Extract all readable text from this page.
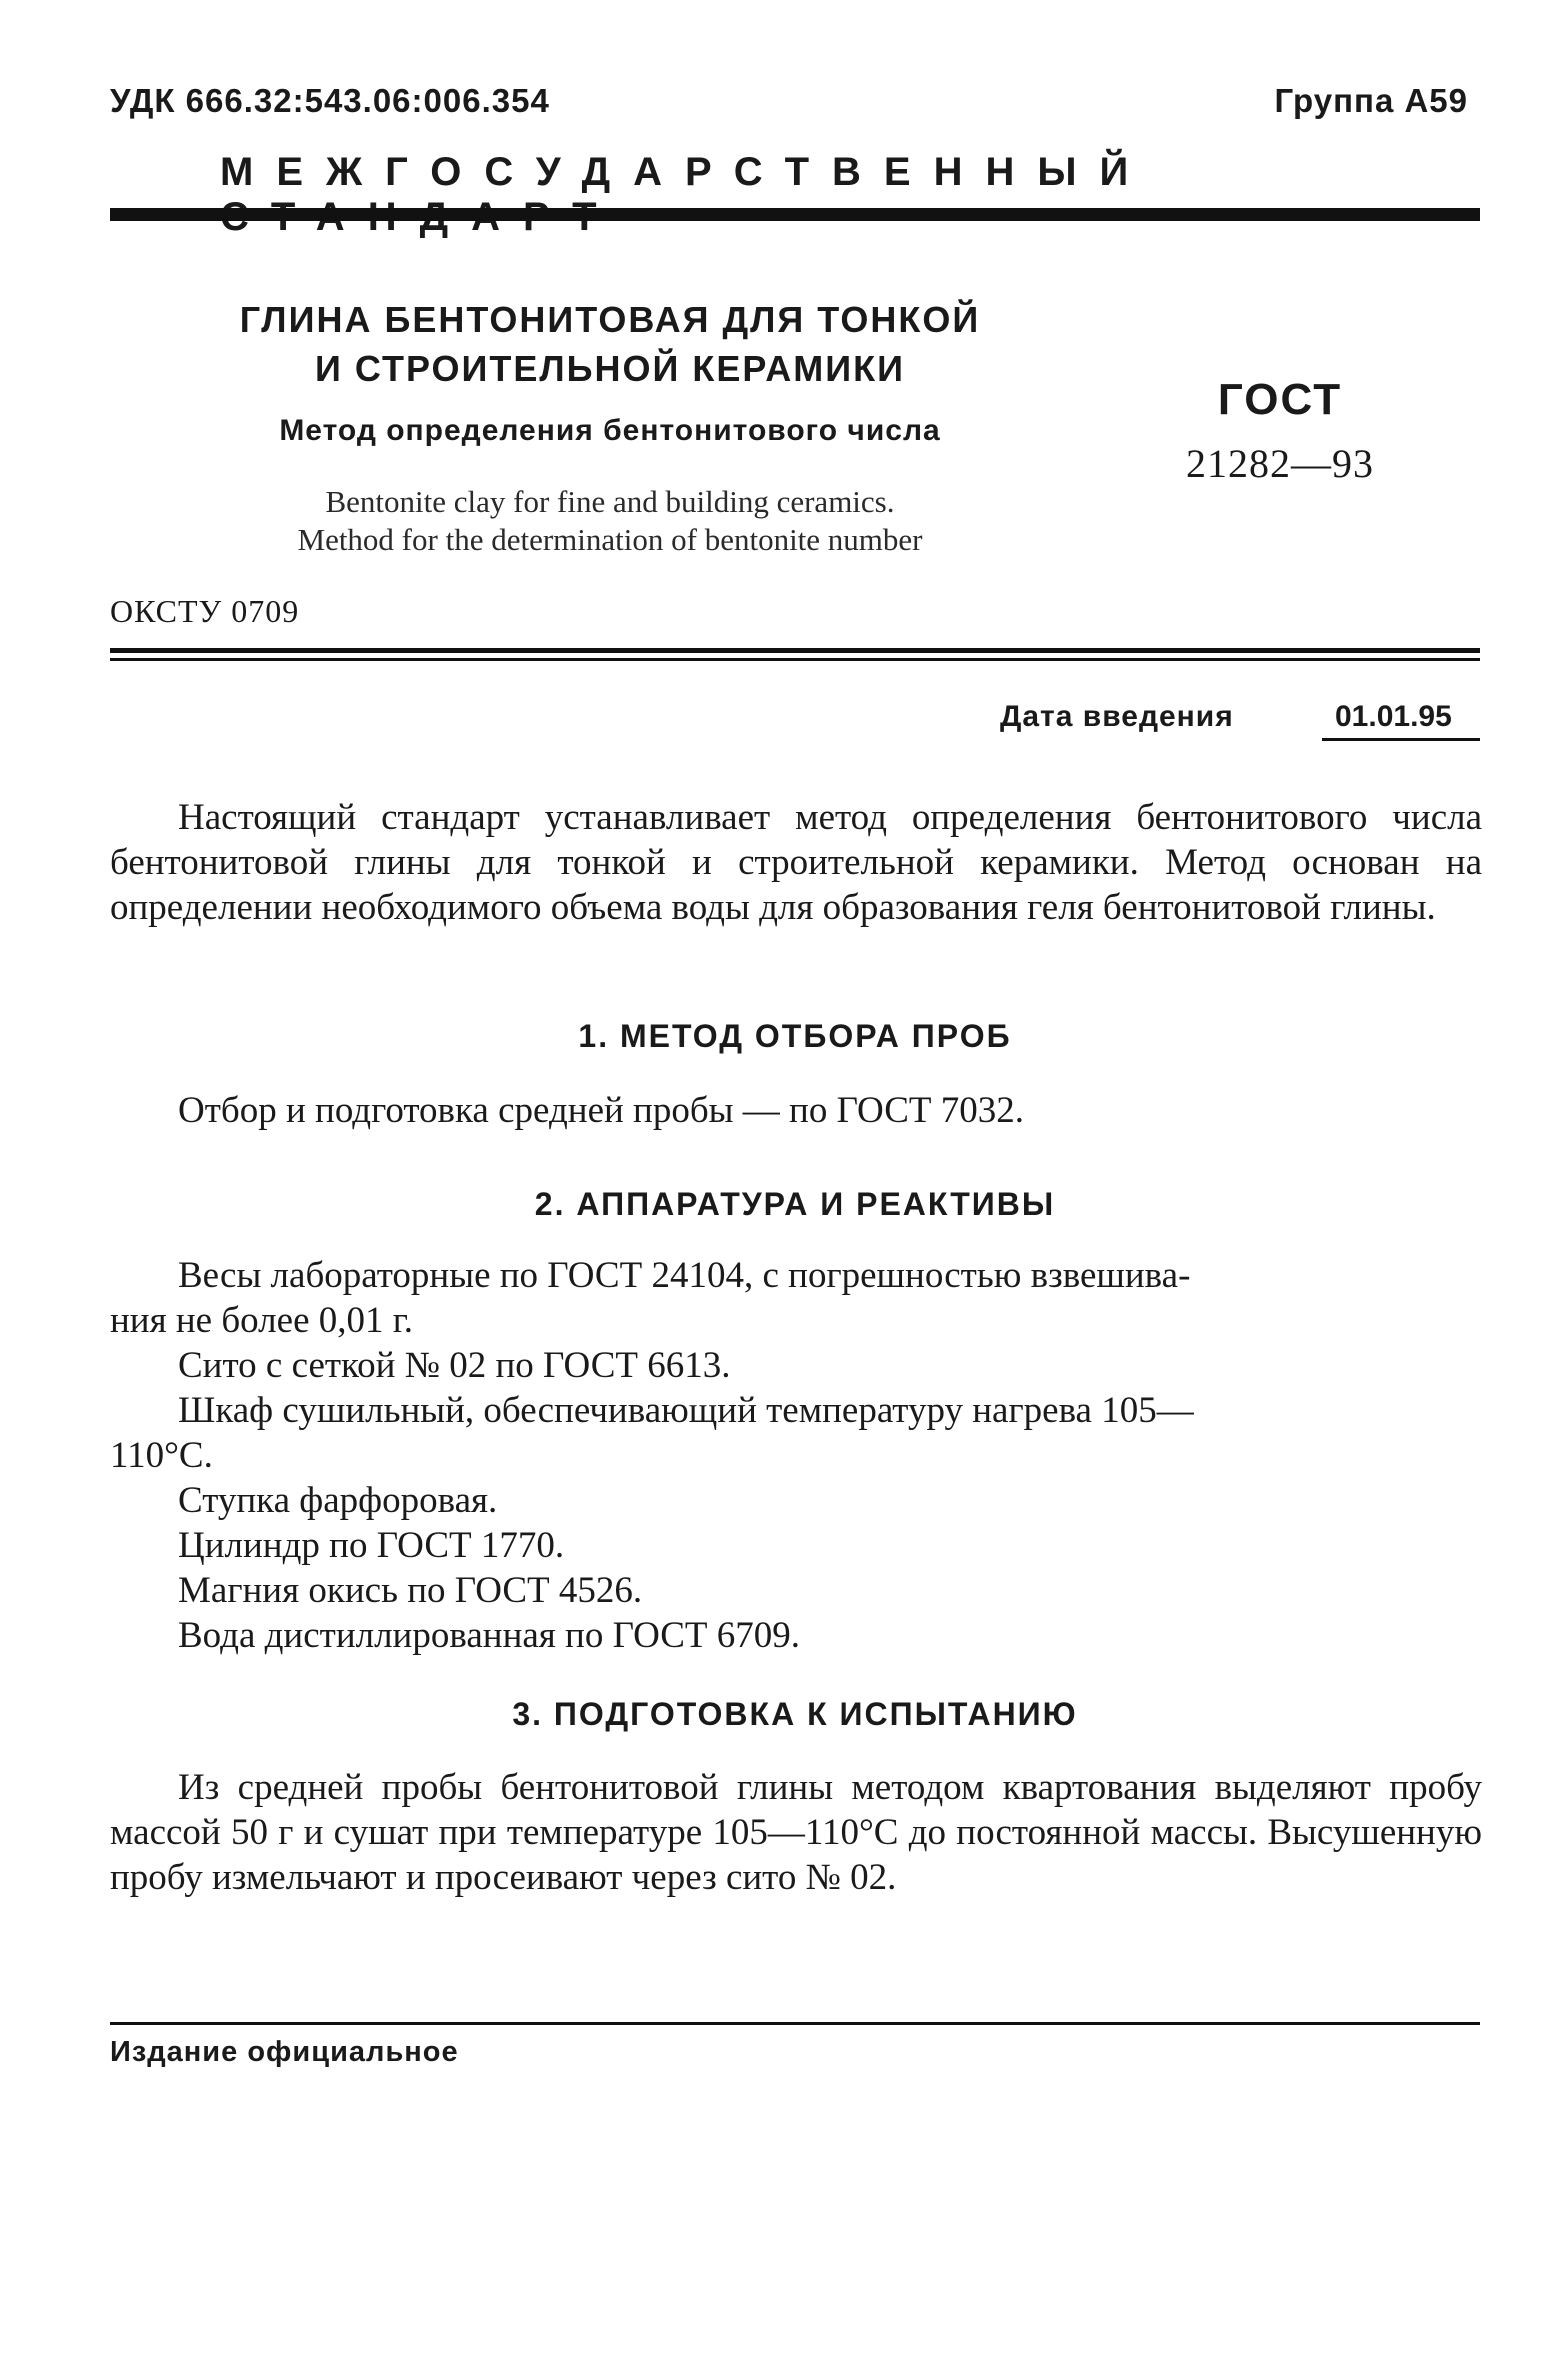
УДК 666.32:543.06:006.354	Группа А59
МЕЖГОСУДАРСТВЕННЫЙ
ГЛИНА БЕНТОНИТОВАЯ ДЛЯ ТОНКОЙ
И СТРОИТЕЛЬНОЙ КЕРАМИКИ
Метод определения бентонитового числа
Bentonite clay for fine and building ceramics.
Method for the determination of bentonite number
ГОСТ
21282—93
ОКСТУ 0709
Дата введения	01.01.95

Настоящий стандарт устанавливает метод определения бентонитового числа бентонитовой глины для тонкой и строительной керамики. Метод основан на определении необходимого объема воды для образования геля бентонитовой глины.

1. МЕТОД ОТБОРА ПРОБ

Отбор и подготовка средней пробы — по ГОСТ 7032.

2. АППАРАТУРА И РЕАКТИВЫ
Весы лабораторные по ГОСТ 24104, с погрешностью взвешива-
ния не более 0,01 г.
Сито с сеткой № 02 по ГОСТ 6613.
Шкаф сушильный, обеспечивающий температуру нагрева 105—
110°С.
Ступка фарфоровая.
Цилиндр по ГОСТ 1770.
Магния окись по ГОСТ 4526.
Вода дистиллированная по ГОСТ 6709.
3. ПОДГОТОВКА К ИСПЫТАНИЮ

Из средней пробы бентонитовой глины методом квартования выделяют пробу массой 50 г и сушат при температуре 105—110°С до постоянной массы. Высушенную пробу измельчают и просеивают через сито № 02.

Издание официальное
